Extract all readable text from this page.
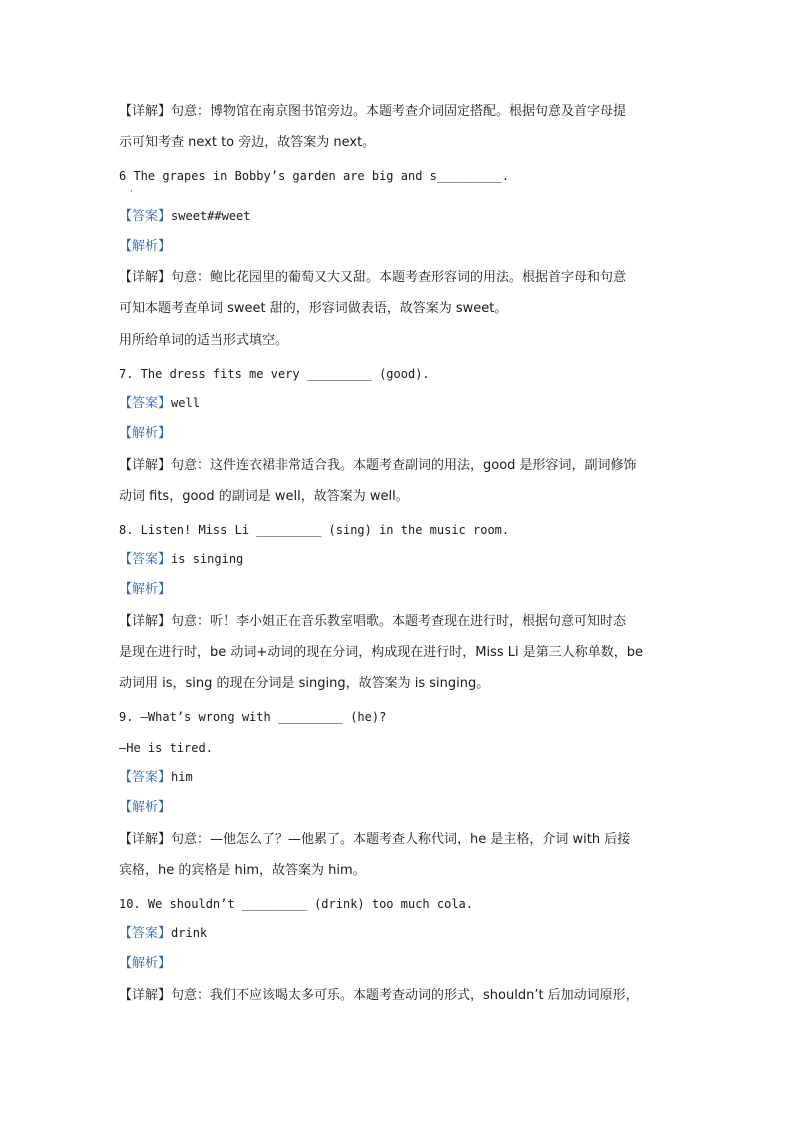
【详解】句意：博物馆在南京图书馆旁边。本题考查介词固定搭配。根据句意及首字母提
示可知考查 next to 旁边，故答案为 next。
6 The grapes in Bobby’s garden are big and s_________.
·
【答案】sweet##weet
【解析】
【详解】句意：鲍比花园里的葡萄又大又甜。本题考查形容词的用法。根据首字母和句意
可知本题考查单词 sweet 甜的，形容词做表语，故答案为 sweet。
用所给单词的适当形式填空。
7. The dress fits me very _________ (good).
【答案】well
【解析】
【详解】句意：这件连衣裙非常适合我。本题考查副词的用法，good 是形容词，副词修饰
动词 fits，good 的副词是 well，故答案为 well。
8. Listen! Miss Li _________ (sing) in the music room.
【答案】is singing
【解析】
【详解】句意：听！李小姐正在音乐教室唱歌。本题考查现在进行时，根据句意可知时态
是现在进行时，be 动词+动词的现在分词，构成现在进行时，Miss Li 是第三人称单数，be
动词用 is，sing 的现在分词是 singing，故答案为 is singing。
9. —What’s wrong with _________ (he)?
—He is tired.
【答案】him
【解析】
【详解】句意：—他怎么了？—他累了。本题考查人称代词，he 是主格，介词 with 后接
宾格，he 的宾格是 him，故答案为 him。
10. We shouldn’t _________ (drink) too much cola.
【答案】drink
【解析】
【详解】句意：我们不应该喝太多可乐。本题考查动词的形式，shouldn’t 后加动词原形，
